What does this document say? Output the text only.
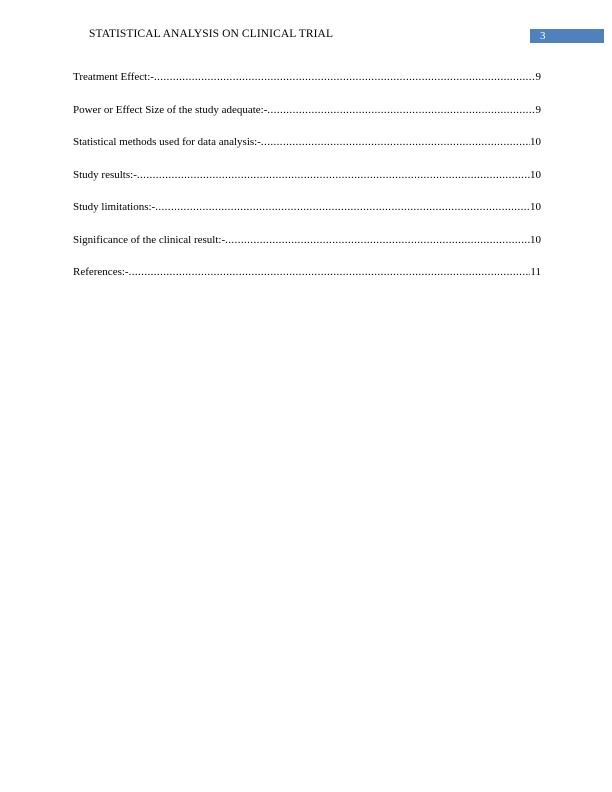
STATISTICAL ANALYSIS ON CLINICAL TRIAL	3
Treatment Effect:- .....	9
Power or Effect Size of the study adequate:- .....	9
Statistical methods used for data analysis:- .....	10
Study results:- .....	10
Study limitations:- .....	10
Significance of the clinical result:- .....	10
References:- .....	11
